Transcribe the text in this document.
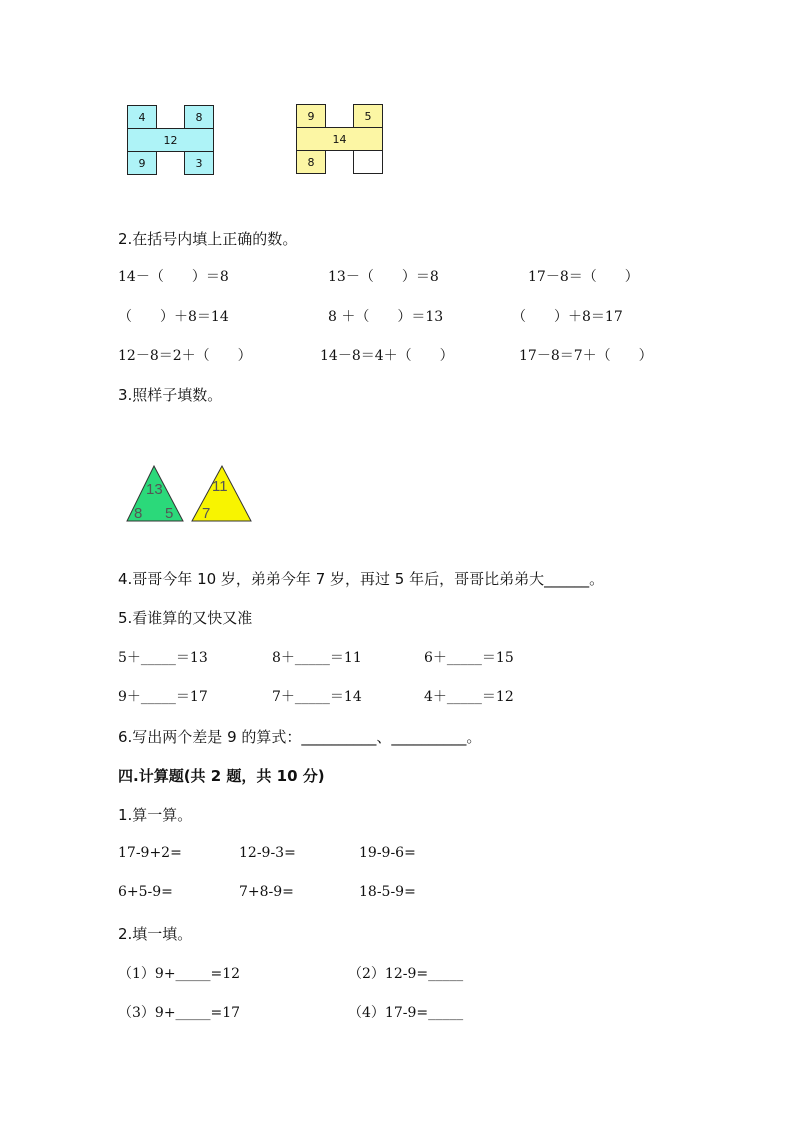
4	8
12
9	3
9	5
14
8
2.在括号内填上正确的数。
14－（　　）＝8	13－（　　）＝8	17－8＝（　　）
（　　）＋8＝14	8 ＋（　　）＝13	（　　）＋8＝17
12－8＝2＋（　　）	14－8＝4＋（　　）	17－8＝7＋（　　）
3.照样子填数。
13
8 5
11
7
4.哥哥今年 10 岁，弟弟今年 7 岁，再过 5 年后，哥哥比弟弟大______。
5.看谁算的又快又准
5＋_____＝13	8＋_____＝11	6＋_____＝15
9＋_____＝17	7＋_____＝14	4＋_____＝12
6.写出两个差是 9 的算式：__________、__________。
四.计算题(共 2 题，共 10 分)
1.算一算。
17-9+2=	12-9-3=	19-9-6=
6+5-9=	7+8-9=	18-5-9=
2.填一填。
（1）9+_____=12	（2）12-9=_____
（3）9+_____=17	（4）17-9=_____
